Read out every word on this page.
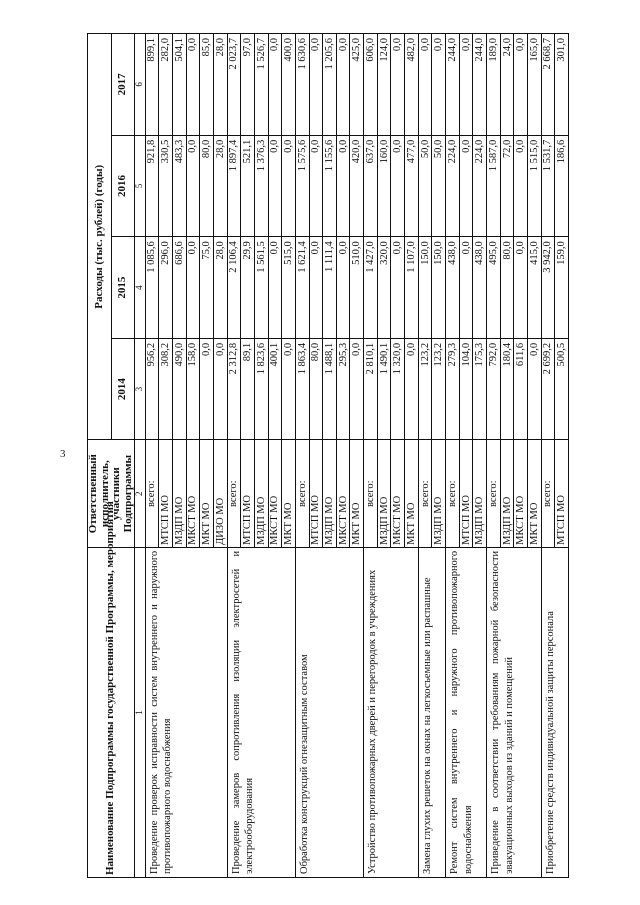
3
Наименование Подпрограммы государственной Программы, мероприятия	Ответственный исполнитель, участники Подпрограммы	Расходы (тыс. рублей) (годы)			
		2014	2015	2016	2017
1	2	3	4	5	6
Проведение проверок исправности систем внутреннего и наружного противопожарного водоснабжения	всего:	956,2	1 085,6	921,8	899,1
	МТСП МО	308,2	296,0	330,5	282,0
	МЗДП МО	490,0	686,6	483,3	504,1
	МКСТ МО	158,0	0,0	0,0	0,0
	МКТ МО	0,0	75,0	80,0	85,0
	ДИЗО МО	0,0	28,0	28,0	28,0
Проведение замеров сопротивления изоляции электросетей и электрооборудования	всего:	2 312,8	2 106,4	1 897,4	2 023,7
	МТСП МО	89,1	29,9	521,1	97,0
	МЗДП МО	1 823,6	1 561,5	1 376,3	1 526,7
	МКСТ МО	400,1	0,0	0,0	0,0
	МКТ МО	0,0	515,0	0,0	400,0
Обработка конструкций огнезащитным составом	всего:	1 863,4	1 621,4	1 575,6	1 630,6
	МТСП МО	80,0	0,0	0,0	0,0
	МЗДП МО	1 488,1	1 111,4	1 155,6	1 205,6
	МКСТ МО	295,3	0,0	0,0	0,0
	МКТ МО	0,0	510,0	420,0	425,0
Устройство противопожарных дверей и перегородок в учреждениях	всего:	2 810,1	1 427,0	637,0	606,0
	МЗДП МО	1 490,1	320,0	160,0	124,0
	МКСТ МО	1 320,0	0,0	0,0	0,0
	МКТ МО	0,0	1 107,0	477,0	482,0
Замена глухих решеток на окнах на легкосъемные или распашные	всего:	123,2	150,0	50,0	0,0
	МЗДП МО	123,2	150,0	50,0	0,0
Ремонт систем внутреннего и наружного противопожарного водоснабжения	всего:	279,3	438,0	224,0	244,0
	МТСП МО	104,0	0,0	0,0	0,0
	МЗДП МО	175,3	438,0	224,0	244,0
Приведение в соответствии требованиям пожарной безопасности эвакуационных выходов из зданий и помещений	всего:	792,0	495,0	1 587,0	189,0
	МЗДП МО	180,4	80,0	72,0	24,0
	МКСТ МО	611,6	0,0	0,0	0,0
	МКТ МО	0,0	415,0	1 515,0	165,0
Приобретение средств индивидуальной защиты персонала	всего:	2 699,2	3 942,0	1 531,7	2 668,7
	МТСП МО	500,5	159,0	186,6	301,0
